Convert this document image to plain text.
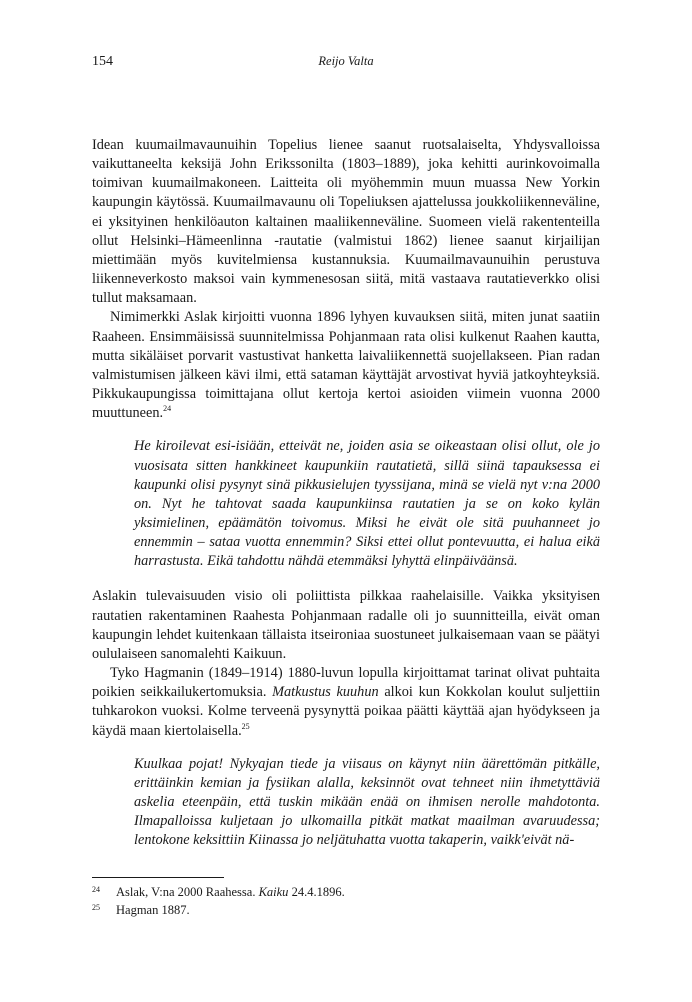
154	Reijo Valta

Idean kuumailmavaunuihin Topelius lienee saanut ruotsalaiselta, Yhdysvalloissa vaikuttaneelta keksijä John Erikssonilta (1803–1889), joka kehitti aurinkovoimalla toimivan kuumailmakoneen. Laitteita oli myöhemmin muun muassa New Yorkin kaupungin käytössä. Kuumailmavaunu oli Topeliuksen ajattelussa joukkoliikenneväline, ei yksityinen henkilöauton kaltainen maaliikenneväline. Suomeen vielä rakententeilla ollut Helsinki–Hämeenlinna -rautatie (valmistui 1862) lienee saanut kirjailijan miettimään myös kuvitelmiensa kustannuksia. Kuumailmavaunuihin perustuva liikenneverkosto maksoi vain kymmenesosan siitä, mitä vastaava rautatieverkko olisi tullut maksamaan.

Nimimerkki Aslak kirjoitti vuonna 1896 lyhyen kuvauksen siitä, miten junat saatiin Raaheen. Ensimmäisissä suunnitelmissa Pohjanmaan rata olisi kulkenut Raahen kautta, mutta sikäläiset porvarit vastustivat hanketta laivaliikennettä suojellakseen. Pian radan valmistumisen jälkeen kävi ilmi, että sataman käyttäjät arvostivat hyviä jatkoyhteyksiä. Pikkukaupungissa toimittajana ollut kertoja kertoi asioiden viimein vuonna 2000 muuttuneen.$^{24}$

He kiroilevat esi-isiään, etteivät ne, joiden asia se oikeastaan olisi ollut, ole jo vuosisata sitten hankkineet kaupunkiin rautatietä, sillä siinä tapauksessa ei kaupunki olisi pysynyt sinä pikkusielujen tyyssijana, minä se vielä nyt v:na 2000 on. Nyt he tahtovat saada kaupunkiinsa rautatien ja se on koko kylän yksimielinen, epäämätön toivomus. Miksi he eivät ole sitä puuhanneet jo ennemmin – sataa vuotta ennemmin? Siksi ettei ollut pontevuutta, ei halua eikä harrastusta. Eikä tahdottu nähdä etemmäksi lyhyttä elinpäiväänsä.

Aslakin tulevaisuuden visio oli poliittista pilkkaa raahelaisille. Vaikka yksityisen rautatien rakentaminen Raahesta Pohjanmaan radalle oli jo suunnitteilla, eivät oman kaupungin lehdet kuitenkaan tällaista itseironiaa suostuneet julkaisemaan vaan se päätyi oululaiseen sanomalehti Kaikuun.

Tyko Hagmanin (1849–1914) 1880-luvun lopulla kirjoittamat tarinat olivat puhtaita poikien seikkailukertomuksia. Matkustus kuuhun alkoi kun Kokkolan koulut suljettiin tuhkarokon vuoksi. Kolme terveenä pysynyttä poikaa päätti käyttää ajan hyödykseen ja käydä maan kiertolaisella.$^{25}$

Kuulkaa pojat! Nykyajan tiede ja viisaus on käynyt niin äärettömän pitkälle, erittäinkin kemian ja fysiikan alalla, keksinnöt ovat tehneet niin ihmetyttäviä askelia eteenpäin, että tuskin mikään enää on ihmisen nerolle mahdotonta. Ilmapalloissa kuljetaan jo ulkomailla pitkät matkat maailman avaruudessa; lentokone keksittiin Kiinassa jo neljätuhatta vuotta takaperin, vaikk'eivät nä-
24 Aslak, V:na 2000 Raahessa. Kaiku 24.4.1896.
25 Hagman 1887.
